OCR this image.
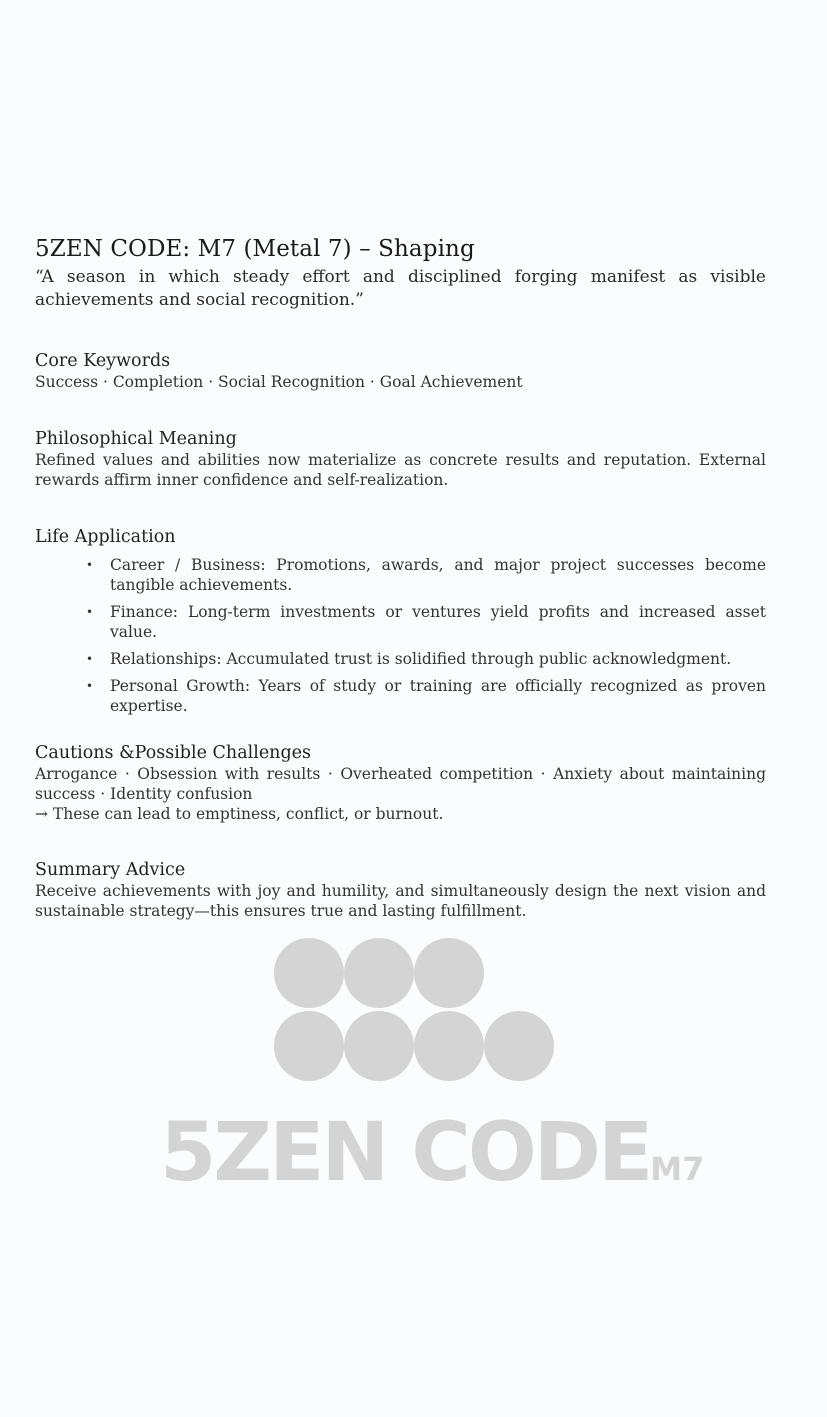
5ZEN CODE: M7 (Metal 7) – Shaping

“A season in which steady effort and disciplined forging manifest as visible achievements and social recognition.”

Core Keywords

Success · Completion · Social Recognition · Goal Achievement

Philosophical Meaning

Refined values and abilities now materialize as concrete results and reputation. External rewards affirm inner confidence and self-realization.

Life Application
• Career / Business: Promotions, awards, and major project successes become tangible achievements.
• Finance: Long-term investments or ventures yield profits and increased asset value.
• Relationships: Accumulated trust is solidified through public acknowledgment.
• Personal Growth: Years of study or training are officially recognized as proven expertise.
Cautions &Possible Challenges

Arrogance · Obsession with results · Overheated competition · Anxiety about maintaining success · Identity confusion

→ These can lead to emptiness, conflict, or burnout.

Summary Advice

Receive achievements with joy and humility, and simultaneously design the next vision and sustainable strategy—this ensures true and lasting fulfillment.

5ZEN CODEM7
